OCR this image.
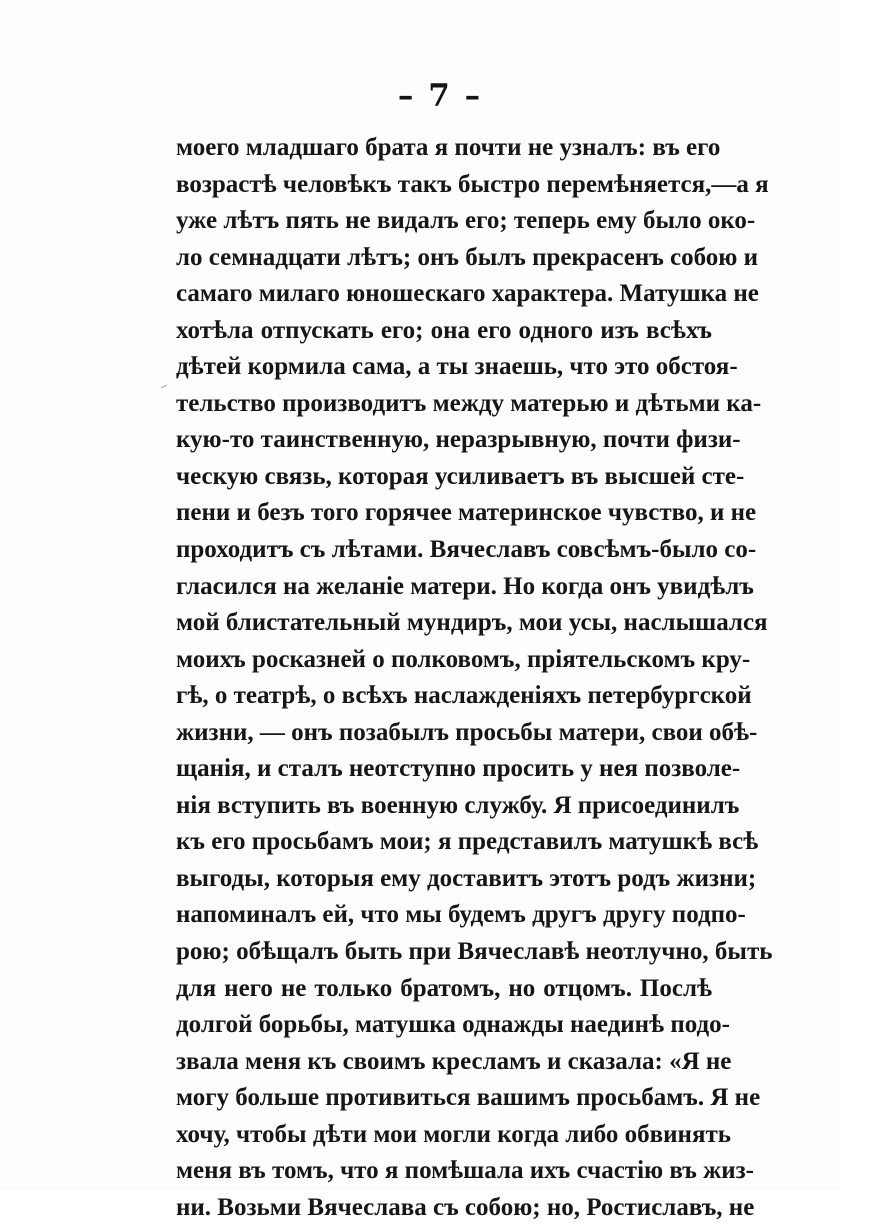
– 7 –
моего младшаго брата я почти не узналъ: въ его
возрастѣ человѣкъ такъ быстро перемѣняется,—а я
уже лѣтъ пять не видалъ его; теперь ему было око-
ло семнадцати лѣтъ; онъ былъ прекрасенъ собою и
самаго милаго юношескаго характера. Матушка не
хотѣла отпускать его; она его одного изъ всѣхъ
дѣтей кормила сама, а ты знаешь, что это обстоя-
тельство производитъ между матерью и дѣтьми ка-
кую-то таинственную, неразрывную, почти физи-
ческую связь, которая усиливаетъ въ высшей сте-
пени и безъ того горячее материнское чувство, и не
проходитъ съ лѣтами. Вячеславъ совсѣмъ-было со-
гласился на желаніе матери. Но когда онъ увидѣлъ
мой блистательный мундиръ, мои усы, наслышался
моихъ росказней о полковомъ, пріятельскомъ кру-
гѣ, о театрѣ, о всѣхъ наслажденіяхъ петербургской
жизни, — онъ позабылъ просьбы матери, свои обѣ-
щанія, и сталъ неотступно просить у нея позволе-
нія вступить въ военную службу. Я присоединилъ
къ его просьбамъ мои; я представилъ матушкѣ всѣ
выгоды, которыя ему доставитъ этотъ родъ жизни;
напоминалъ ей, что мы будемъ другъ другу подпо-
рою; обѣщалъ быть при Вячеславѣ неотлучно, быть
для него не только братомъ, но отцомъ. Послѣ
долгой борьбы, матушка однажды наединѣ подо-
звала меня къ своимъ кресламъ и сказала: «Я не
могу больше противиться вашимъ просьбамъ. Я не
хочу, чтобы дѣти мои могли когда либо обвинять
меня въ томъ, что я помѣшала ихъ счастію въ жиз-
ни. Возьми Вячеслава съ собою; но, Ростиславъ, не
